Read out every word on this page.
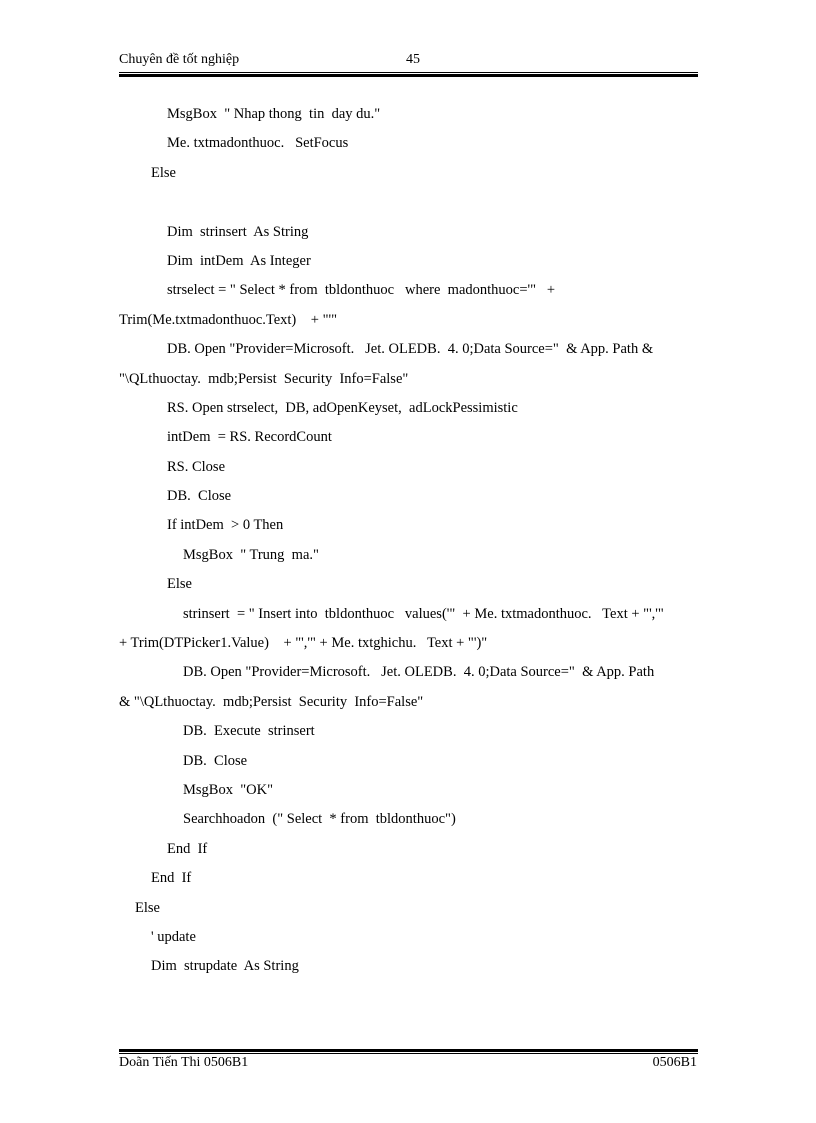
Chuyên đề tốt nghiệp	45
MsgBox  " Nhap thong  tin  day du."
Me. txtmadonthuoc.   SetFocus
Else
Dim  strinsert  As String
Dim  intDem  As Integer
strselect = " Select * from  tbldonthuoc   where  madonthuoc='"   +
Trim(Me.txtmadonthuoc.Text)    + "'"
DB. Open "Provider=Microsoft.   Jet. OLEDB.  4. 0;Data Source="  & App. Path &
"\QLthuoctay.  mdb;Persist  Security  Info=False"
RS. Open strselect,  DB, adOpenKeyset,  adLockPessimistic
intDem  = RS. RecordCount
RS. Close
DB.  Close
If intDem  > 0 Then
MsgBox  " Trung  ma."
Else
strinsert  = " Insert into  tbldonthuoc   values('"  + Me. txtmadonthuoc.   Text + "','"
+ Trim(DTPicker1.Value)    + "','" + Me. txtghichu.   Text + "')"
DB. Open "Provider=Microsoft.   Jet. OLEDB.  4. 0;Data Source="  & App. Path
& "\QLthuoctay.  mdb;Persist  Security  Info=False"
DB.  Execute  strinsert
DB.  Close
MsgBox  "OK"
Searchhoadon  (" Select  * from  tbldonthuoc")
End  If
End  If
Else
' update
Dim  strupdate  As String
Doãn Tiến Thi 0506B1	0506B1
